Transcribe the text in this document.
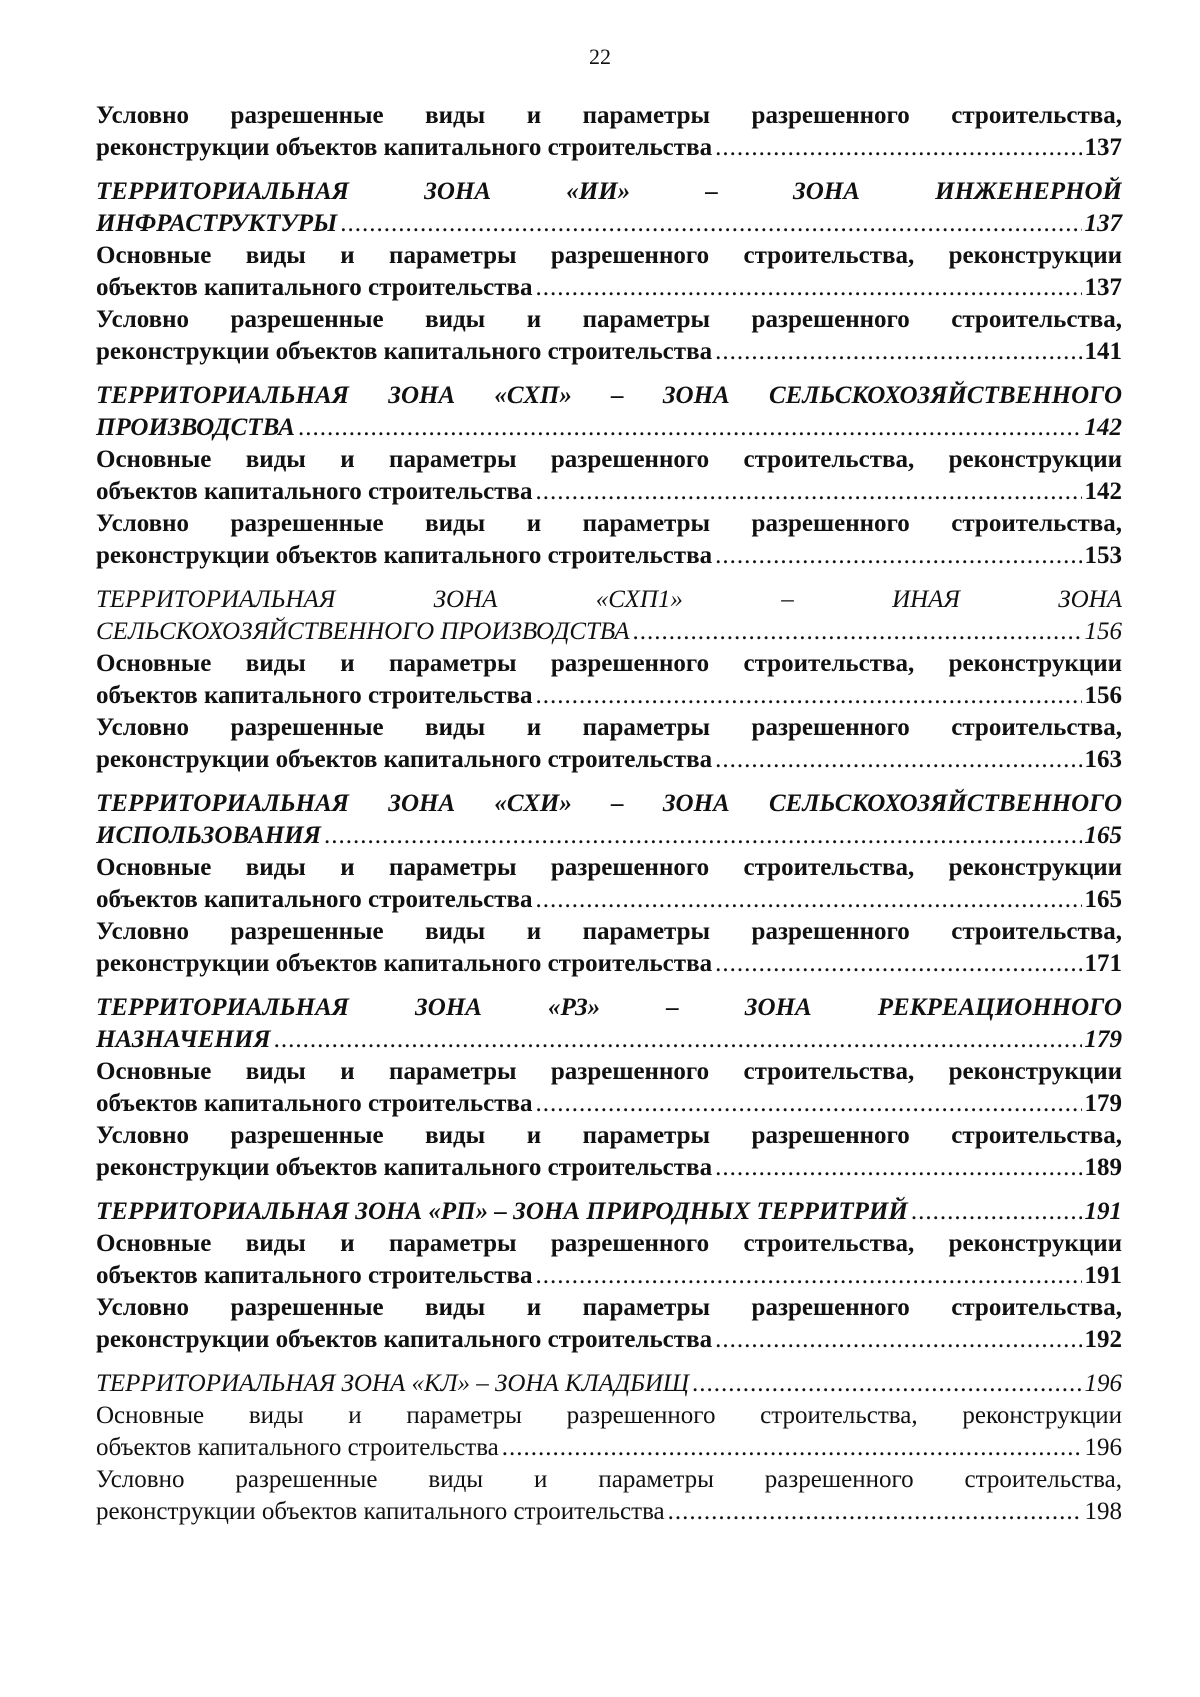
22
Условно разрешенные виды и параметры разрешенного строительства,
реконструкции объектов капитального строительства .....	137
ТЕРРИТОРИАЛЬНАЯ ЗОНА «ИИ» – ЗОНА ИНЖЕНЕРНОЙ
ИНФРАСТРУКТУРЫ .....	137
Основные виды и параметры разрешенного строительства, реконструкции
объектов капитального строительства .....	137
Условно разрешенные виды и параметры разрешенного строительства,
реконструкции объектов капитального строительства .....	141
ТЕРРИТОРИАЛЬНАЯ ЗОНА «СХП» – ЗОНА СЕЛЬСКОХОЗЯЙСТВЕННОГО
ПРОИЗВОДСТВА .....	142
Основные виды и параметры разрешенного строительства, реконструкции
объектов капитального строительства .....	142
Условно разрешенные виды и параметры разрешенного строительства,
реконструкции объектов капитального строительства .....	153
ТЕРРИТОРИАЛЬНАЯ ЗОНА «СХП1» – ИНАЯ ЗОНА
СЕЛЬСКОХОЗЯЙСТВЕННОГО ПРОИЗВОДСТВА .....	156
Основные виды и параметры разрешенного строительства, реконструкции
объектов капитального строительства .....	156
Условно разрешенные виды и параметры разрешенного строительства,
реконструкции объектов капитального строительства .....	163
ТЕРРИТОРИАЛЬНАЯ ЗОНА «СХИ» – ЗОНА СЕЛЬСКОХОЗЯЙСТВЕННОГО
ИСПОЛЬЗОВАНИЯ .....	165
Основные виды и параметры разрешенного строительства, реконструкции
объектов капитального строительства .....	165
Условно разрешенные виды и параметры разрешенного строительства,
реконструкции объектов капитального строительства .....	171
ТЕРРИТОРИАЛЬНАЯ ЗОНА «РЗ» – ЗОНА РЕКРЕАЦИОННОГО
НАЗНАЧЕНИЯ .....	179
Основные виды и параметры разрешенного строительства, реконструкции
объектов капитального строительства .....	179
Условно разрешенные виды и параметры разрешенного строительства,
реконструкции объектов капитального строительства .....	189
ТЕРРИТОРИАЛЬНАЯ ЗОНА «РП» – ЗОНА ПРИРОДНЫХ ТЕРРИТРИЙ .....	191
Основные виды и параметры разрешенного строительства, реконструкции
объектов капитального строительства .....	191
Условно разрешенные виды и параметры разрешенного строительства,
реконструкции объектов капитального строительства .....	192
ТЕРРИТОРИАЛЬНАЯ ЗОНА «КЛ» – ЗОНА КЛАДБИЩ .....	196
Основные виды и параметры разрешенного строительства, реконструкции
объектов капитального строительства .....	196
Условно разрешенные виды и параметры разрешенного строительства,
реконструкции объектов капитального строительства .....	198
